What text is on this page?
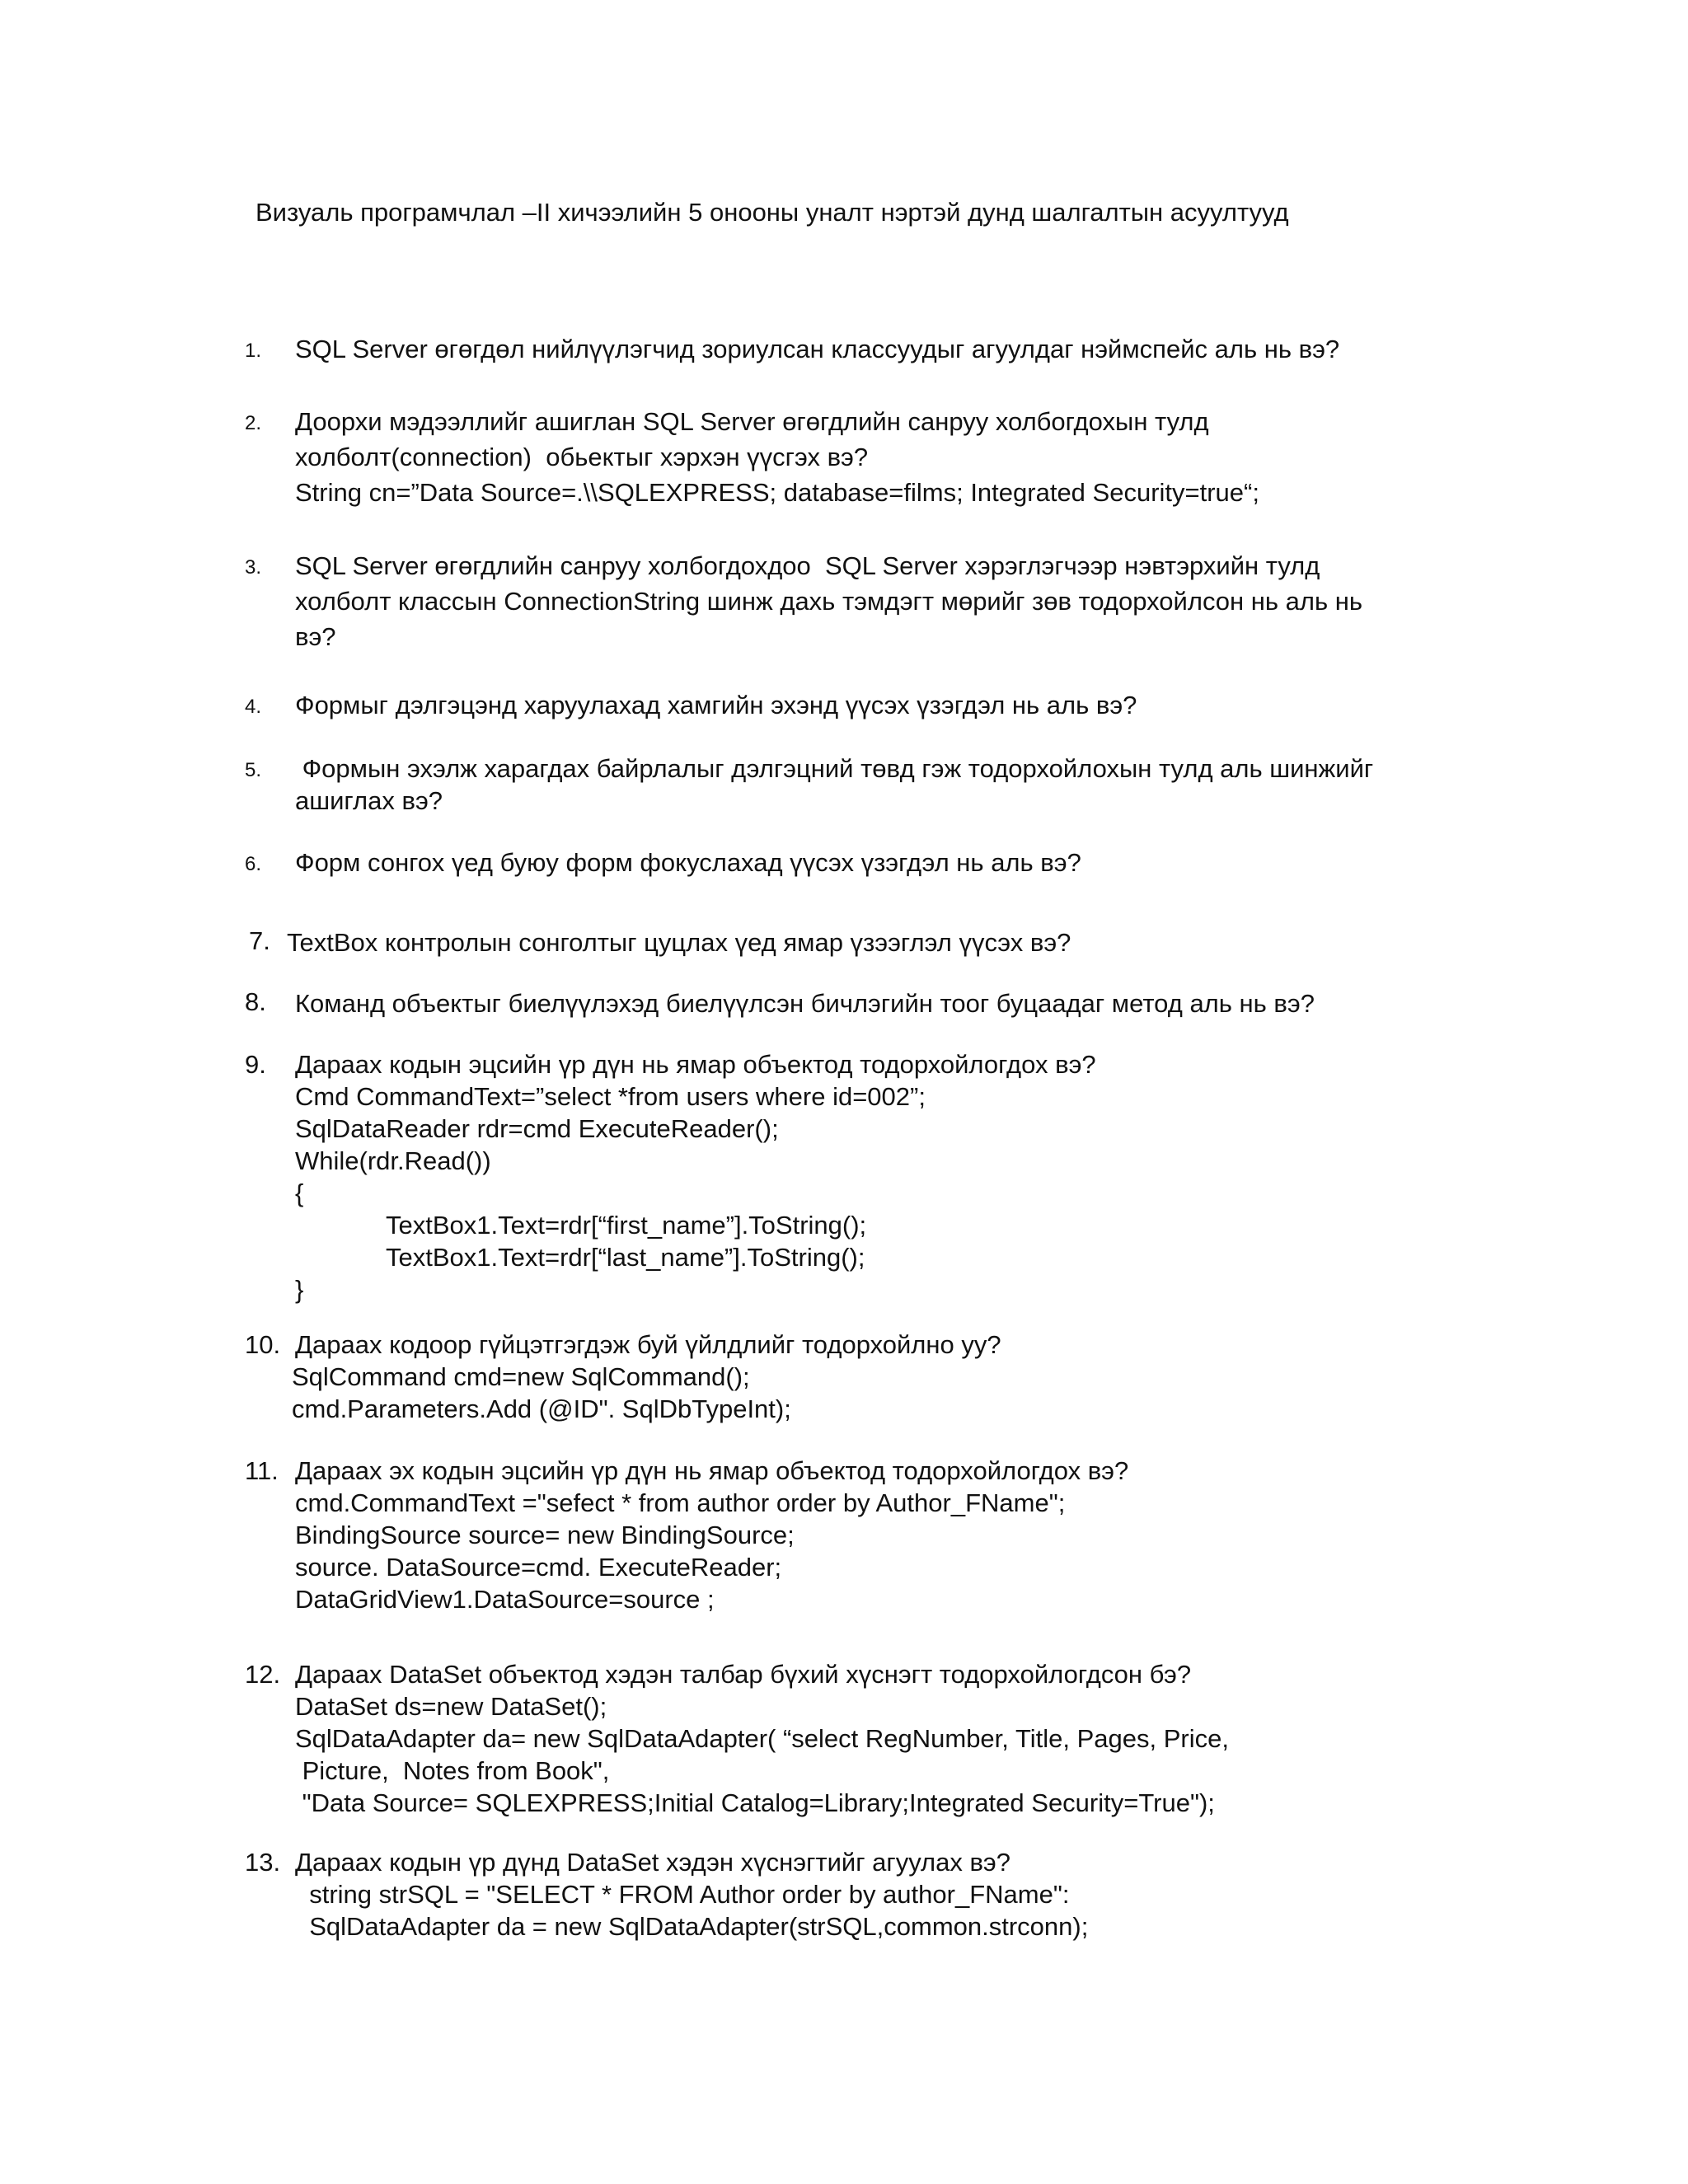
Визуаль програмчлал –II хичээлийн 5 онооны уналт нэртэй дунд шалгалтын асуултууд
1.	SQL Server өгөгдөл нийлүүлэгчид зориулсан классуудыг агуулдаг нэймспейс аль нь вэ?
2.	Доорхи мэдээллийг ашиглан SQL Server өгөгдлийн санруу холбогдохын тулд
холболт(connection)  обьектыг хэрхэн үүсгэх вэ?
String cn=”Data Source=.\\SQLEXPRESS; database=films; Integrated Security=true“;
3.	SQL Server өгөгдлийн санруу холбогдохдоо  SQL Server хэрэглэгчээр нэвтэрхийн тулд
холболт классын ConnectionString шинж дахь тэмдэгт мөрийг зөв тодорхойлсон нь аль нь
вэ?
4.	Формыг дэлгэцэнд харуулахад хамгийн эхэнд үүсэх үзэгдэл нь аль вэ?
5.	Формын эхэлж харагдах байрлалыг дэлгэцний төвд гэж тодорхойлохын тулд аль шинжийг
ашиглах вэ?
6.	Форм сонгох үед буюу форм фокуслахад үүсэх үзэгдэл нь аль вэ?
7. TextBox контролын сонголтыг цуцлах үед ямар үзээглэл үүсэх вэ?
8.	Команд объектыг биелүүлэхэд биелүүлсэн бичлэгийн тоог буцаадаг метод аль нь вэ?
9.	Дараах кодын эцсийн үр дүн нь ямар объектод тодорхойлогдох вэ?
Cmd CommandText=”select *from users where id=002”;
SqlDataReader rdr=cmd ExecuteReader();
While(rdr.Read())
{
TextBox1.Text=rdr[“first_name”].ToString();
TextBox1.Text=rdr[“last_name”].ToString();
}
10. Дараах кодоор гүйцэтгэгдэж буй үйлдлийг тодорхойлно уу?
SqlCommand cmd=new SqlCommand();
cmd.Parameters.Add (@ID". SqlDbTypeInt);
11. Дараах эх кодын эцсийн үр дүн нь ямар объектод тодорхойлогдох вэ?
cmd.CommandText ="sefect * from author order by Author_FName";
BindingSource source= new BindingSource;
source. DataSource=cmd. ExecuteReader;
DataGridView1.DataSource=source ;
12. Дараах DataSet объектод хэдэн талбар бүхий хүснэгт тодорхойлогдсон бэ?
DataSet ds=new DataSet();
SqlDataAdapter da= new SqlDataAdapter( “select RegNumber, Title, Pages, Price,
Picture,  Notes from Book",
"Data Source= SQLEXPRESS;Initial Catalog=Library;Integrated Security=True");
13. Дараах кодын үр дүнд DataSet хэдэн хүснэгтийг агуулах вэ?
string strSQL = "SELECT * FROM Author order by author_FName":
SqlDataAdapter da = new SqlDataAdapter(strSQL,common.strconn);
